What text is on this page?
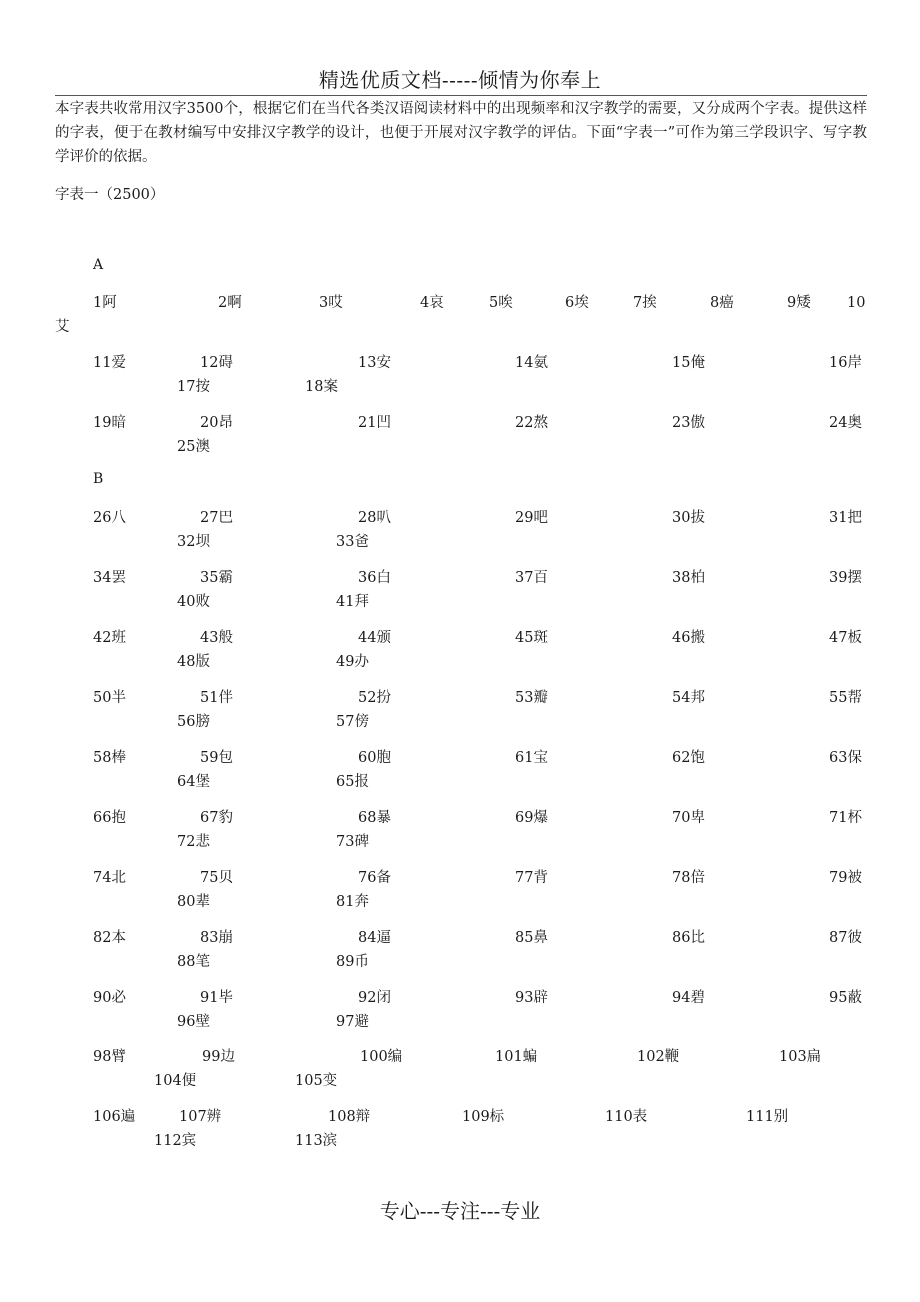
精选优质文档-----倾情为你奉上
本字表共收常用汉字3500个，根据它们在当代各类汉语阅读材料中的出现频率和汉字教学的需要，又分成两个字表。提供这样的字表，便于在教材编写中安排汉字教学的设计，也便于开展对汉字教学的评估。下面“字表一”可作为第三学段识字、写字教学评价的依据。
字表一（2500）
A
1阿	2啊	3哎	4哀	5唉	6埃	7挨	8癌	9矮	10
艾
11爱	12碍	13安	14氨	15俺	16岸
17按	18案
19暗	20昂	21凹	22熬	23傲	24奥
25澳
B
26八	27巴	28叭	29吧	30拔	31把
32坝	33爸
34罢	35霸	36白	37百	38柏	39摆
40败	41拜
42班	43般	44颁	45斑	46搬	47板
48版	49办
50半	51伴	52扮	53瓣	54邦	55帮
56膀	57傍
58棒	59包	60胞	61宝	62饱	63保
64堡	65报
66抱	67豹	68暴	69爆	70卑	71杯
72悲	73碑
74北	75贝	76备	77背	78倍	79被
80辈	81奔
82本	83崩	84逼	85鼻	86比	87彼
88笔	89币
90必	91毕	92闭	93辟	94碧	95蔽
96壁	97避
98臂	99边	100编	101蝙	102鞭	103扁
104便	105变
106遍	107辨	108辩	109标	110表	111别
112宾	113滨
专心---专注---专业
